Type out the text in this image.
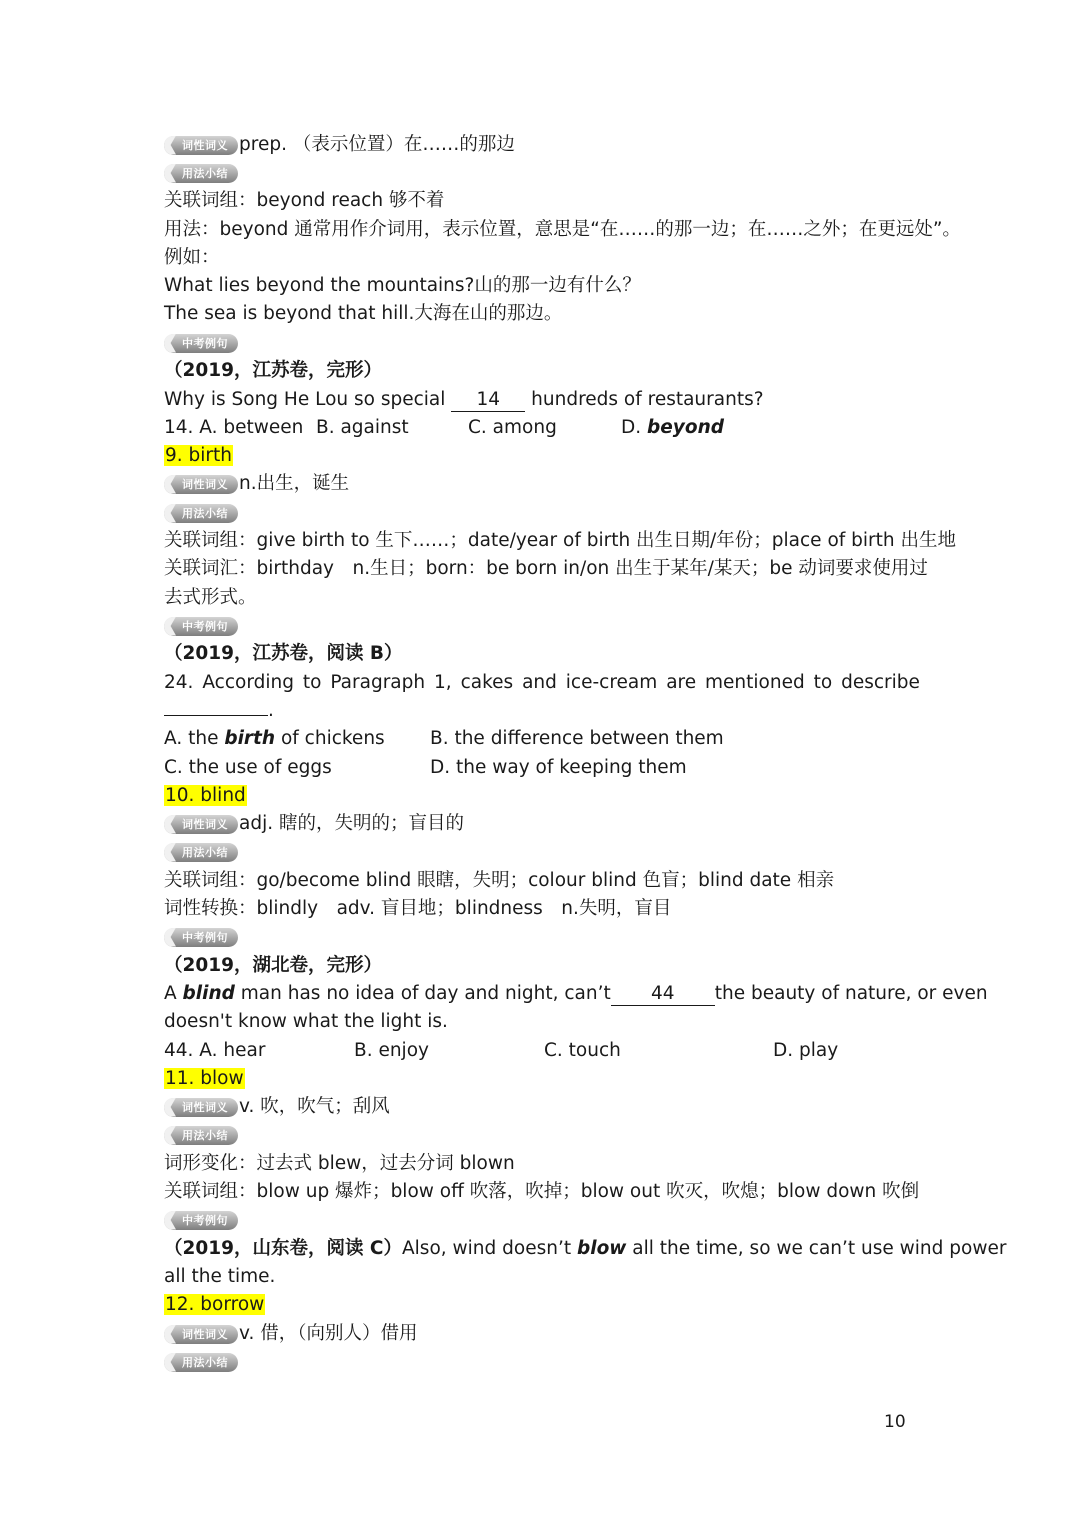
词性词义 prep. （表示位置）在……的那边
用法小结
关联词组：beyond reach 够不着
用法：beyond 通常用作介词用，表示位置，意思是“在……的那一边；在……之外；在更远处”。
例如：
What lies beyond the mountains?山的那一边有什么？
The sea is beyond that hill.大海在山的那边。
中考例句
（2019，江苏卷，完形）
Why is Song He Lou so special 14 hundreds of restaurants?
14. A. between B. against	C. among	D. beyond
9. birth
词性词义 n.出生，诞生
用法小结
关联词组：give birth to 生下……；date/year of birth 出生日期/年份；place of birth 出生地
关联词汇：birthday　n.生日；born：be born in/on 出生于某年/某天；be 动词要求使用过
去式形式。
中考例句
（2019，江苏卷，阅读 B）
24. According to Paragraph 1, cakes and ice-cream are mentioned to describe
.
A. the birth of chickens B. the difference between them
C. the use of eggs	D. the way of keeping them
10. blind
词性词义 adj. 瞎的，失明的；盲目的
用法小结
关联词组：go/become blind 眼瞎，失明；colour blind 色盲；blind date 相亲
词性转换：blindly　adv. 盲目地；blindness　n.失明，盲目
中考例句
（2019，湖北卷，完形）
A blind man has no idea of day and night, can’t 44 the beauty of nature, or even
doesn't know what the light is.
44. A. hear	B. enjoy	C. touch	D. play
11. blow
词性词义 v. 吹，吹气；刮风
用法小结
词形变化：过去式 blew，过去分词 blown
关联词组：blow up 爆炸；blow off 吹落，吹掉；blow out 吹灭，吹熄；blow down 吹倒
中考例句
（2019，山东卷，阅读 C）Also, wind doesn’t blow all the time, so we can’t use wind power
all the time.
12. borrow
词性词义 v. 借，（向别人）借用
用法小结
10
